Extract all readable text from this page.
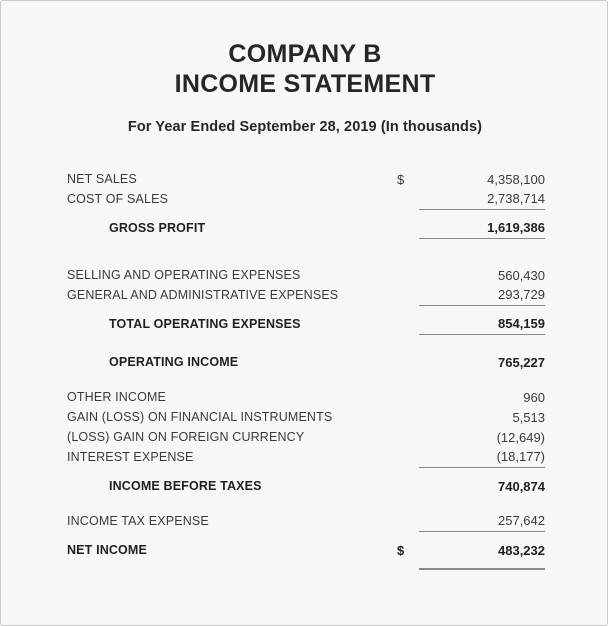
COMPANY B
INCOME STATEMENT
For Year Ended September 28, 2019 (In thousands)
NET SALES	$	4,358,100
COST OF SALES		2,738,714

GROSS PROFIT		1,619,386

SELLING AND OPERATING EXPENSES		560,430
GENERAL AND ADMINISTRATIVE EXPENSES		293,729

TOTAL OPERATING EXPENSES		854,159

OPERATING INCOME		765,227

OTHER INCOME		960
GAIN (LOSS) ON FINANCIAL INSTRUMENTS		5,513
(LOSS) GAIN ON FOREIGN CURRENCY		(12,649)
INTEREST EXPENSE		(18,177)

INCOME BEFORE TAXES		740,874

INCOME TAX EXPENSE		257,642

NET INCOME	$	483,232
